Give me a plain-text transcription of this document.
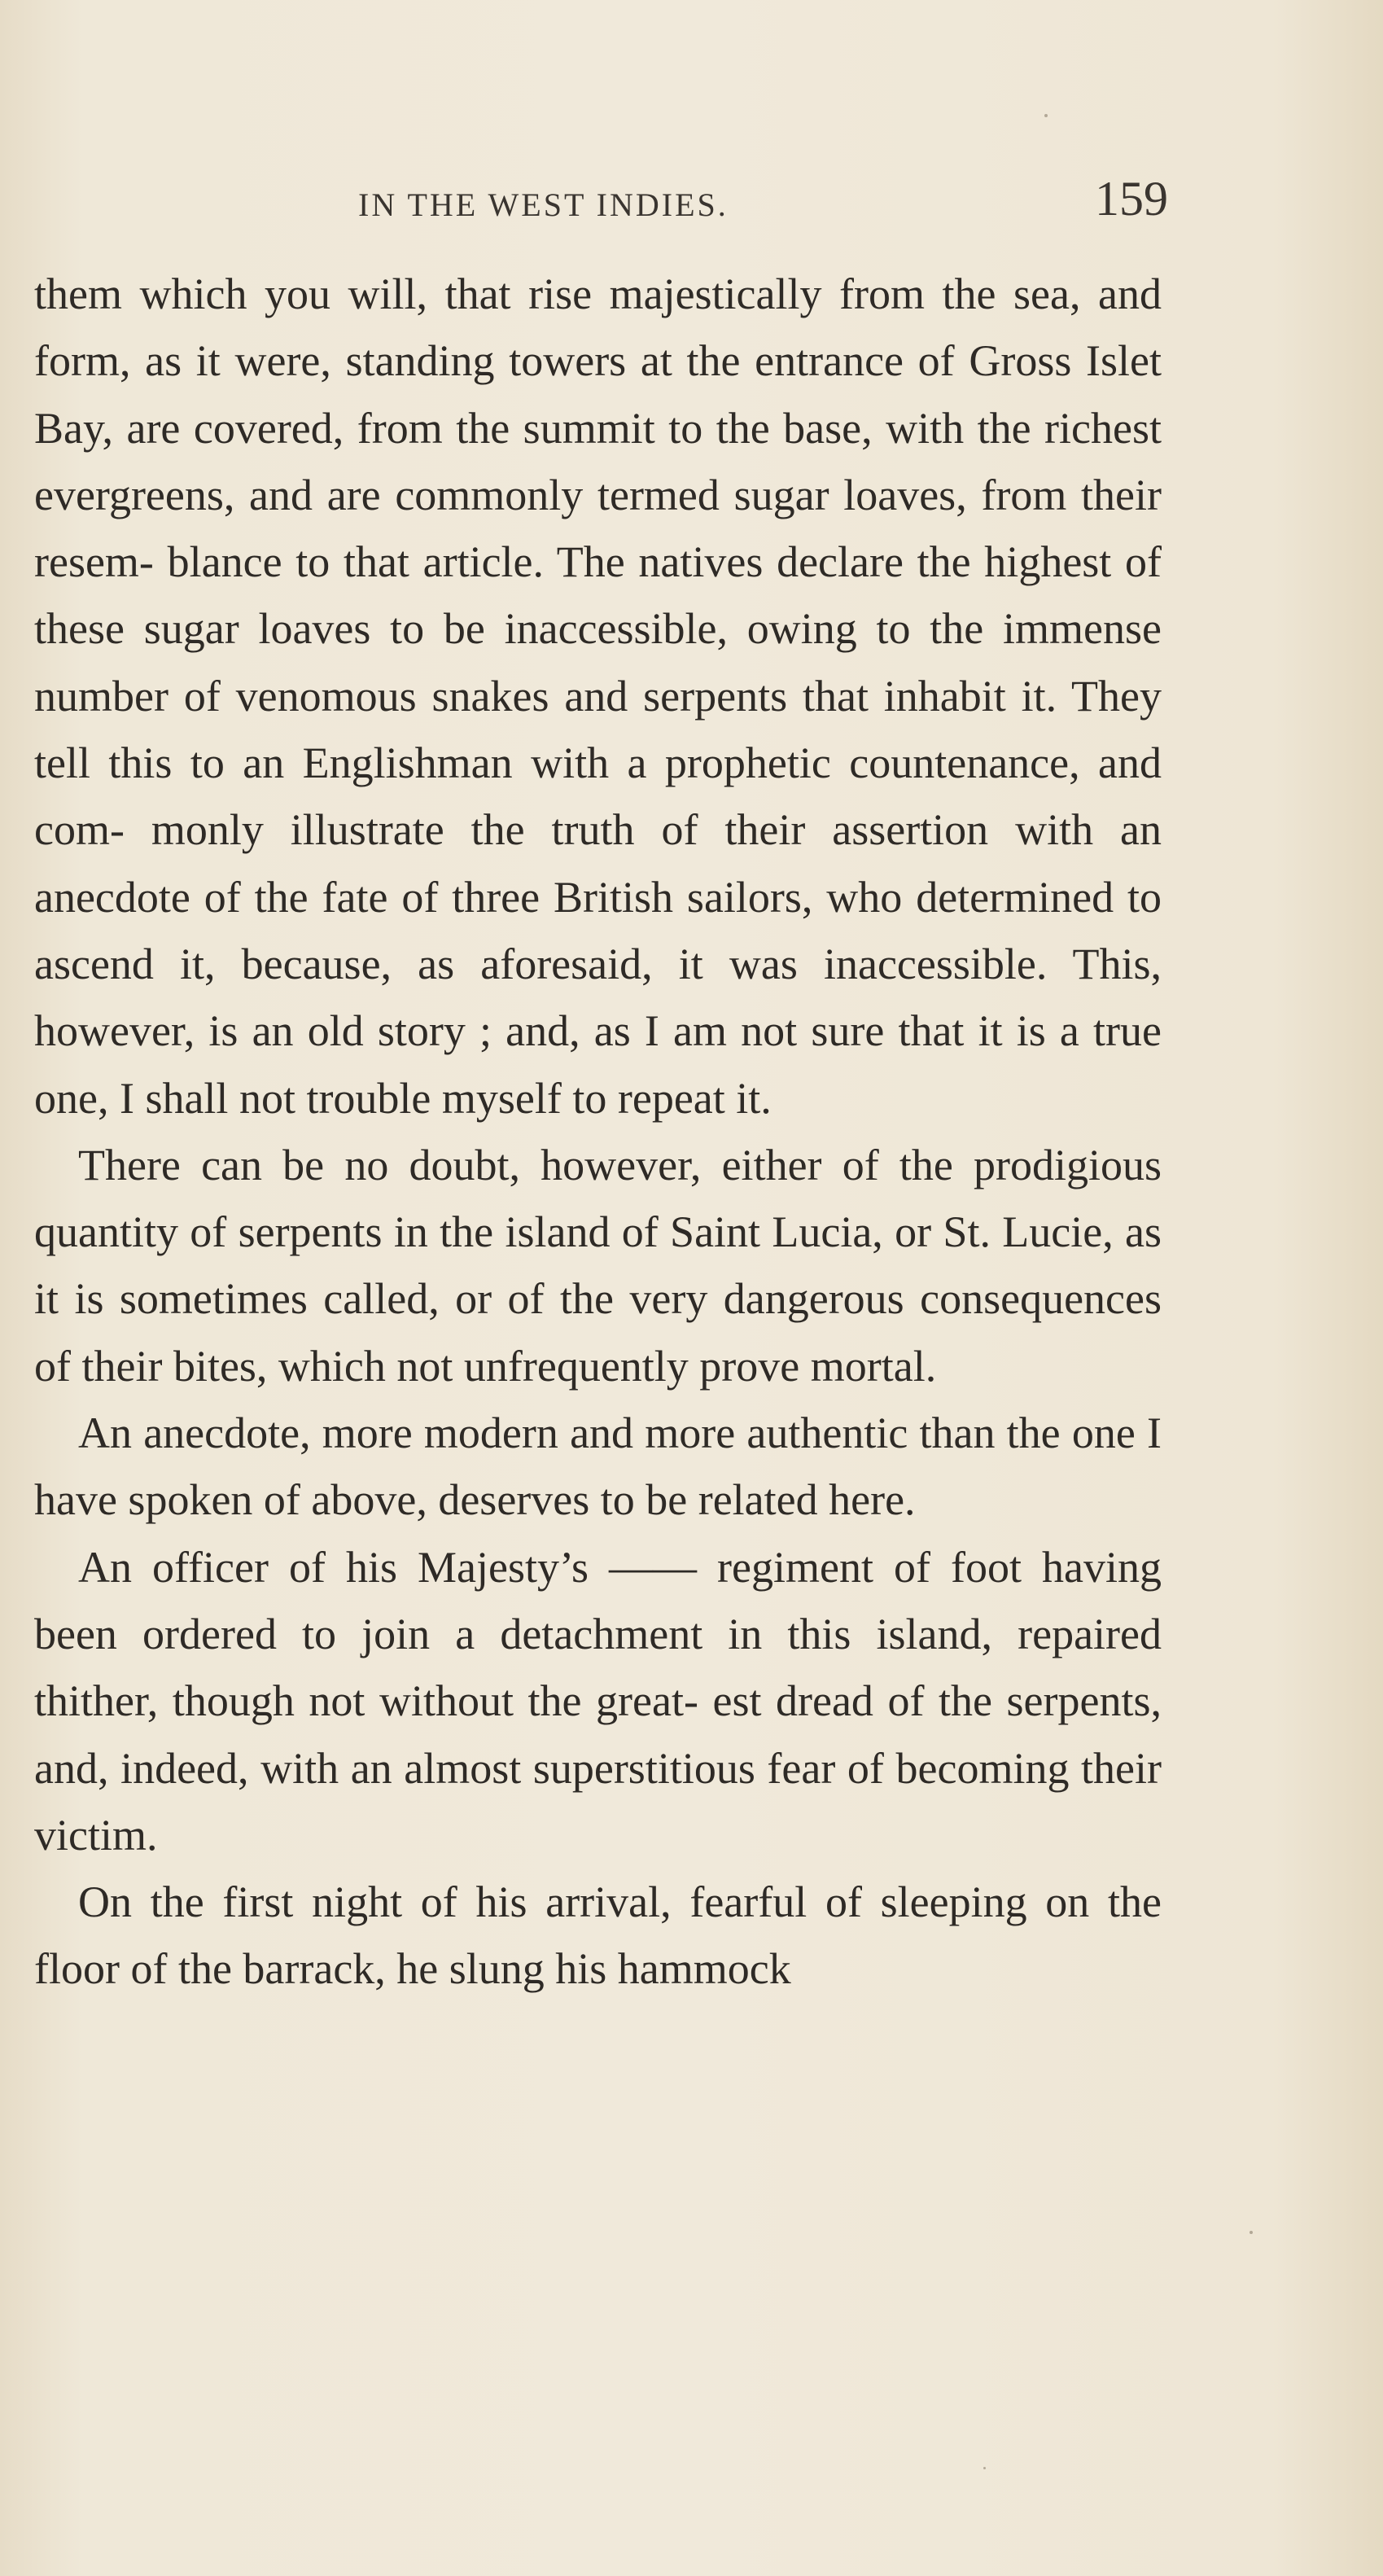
IN THE WEST INDIES.	159

them which you will, that rise majestically from the sea, and form, as it were, standing towers at the entrance of Gross Islet Bay, are covered, from the summit to the base, with the richest evergreens, and are commonly termed sugar loaves, from their resem- blance to that article. The natives declare the highest of these sugar loaves to be inaccessible, owing to the immense number of venomous snakes and serpents that inhabit it. They tell this to an Englishman with a prophetic countenance, and com- monly illustrate the truth of their assertion with an anecdote of the fate of three British sailors, who determined to ascend it, because, as aforesaid, it was inaccessible. This, however, is an old story ; and, as I am not sure that it is a true one, I shall not trouble myself to repeat it.

There can be no doubt, however, either of the prodigious quantity of serpents in the island of Saint Lucia, or St. Lucie, as it is sometimes called, or of the very dangerous consequences of their bites, which not unfrequently prove mortal.

An anecdote, more modern and more authentic than the one I have spoken of above, deserves to be related here.

An officer of his Majesty’s —— regiment of foot having been ordered to join a detachment in this island, repaired thither, though not without the great- est dread of the serpents, and, indeed, with an almost superstitious fear of becoming their victim.

On the first night of his arrival, fearful of sleeping on the floor of the barrack, he slung his hammock
